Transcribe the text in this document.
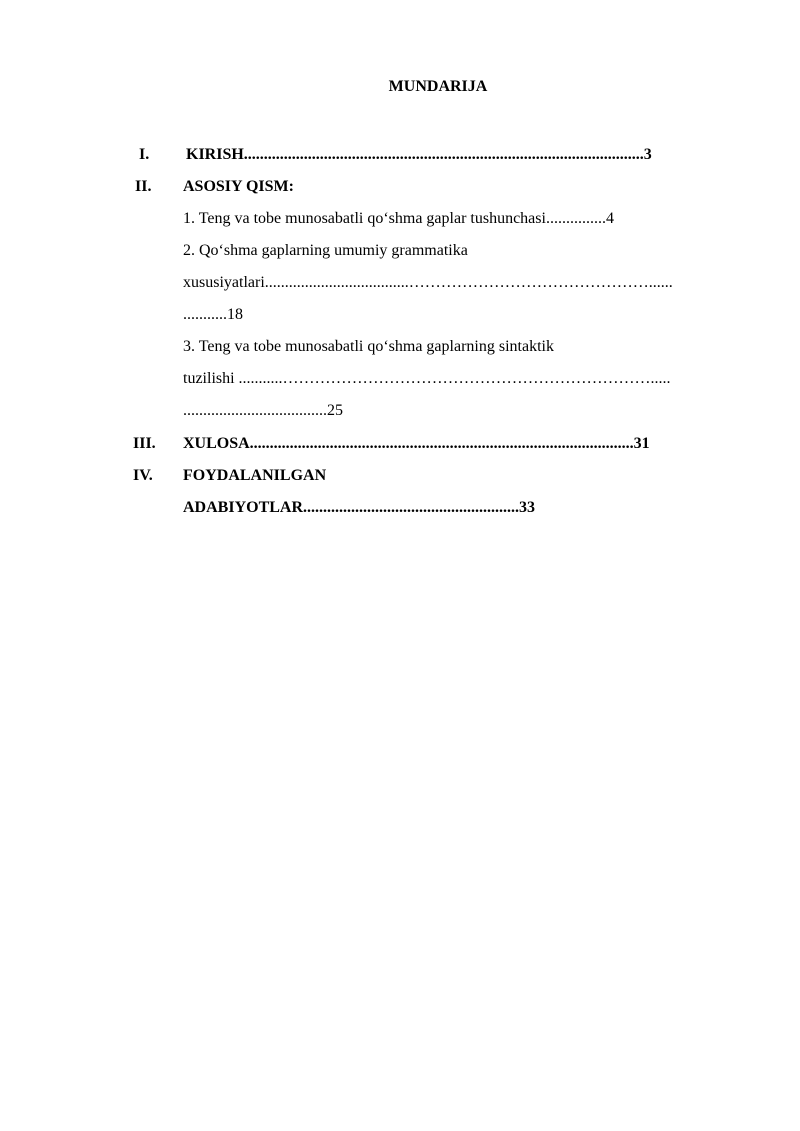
MUNDARIJA
I. KIRISH....................................................................................................3
II. ASOSIY QISM:
1. Teng va tobe munosabatli qo‘shma gaplar tushunchasi...............4
2. Qo‘shma gaplarning umumiy grammatika
xususiyatlari....................................………………………………………......
...........18
3. Teng va tobe munosabatli qo‘shma gaplarning sintaktik
tuzilishi ...........…………………………………………………………….....
....................................25
III. XULOSA................................................................................................31
IV. FOYDALANILGAN
ADABIYOTLAR......................................................33
